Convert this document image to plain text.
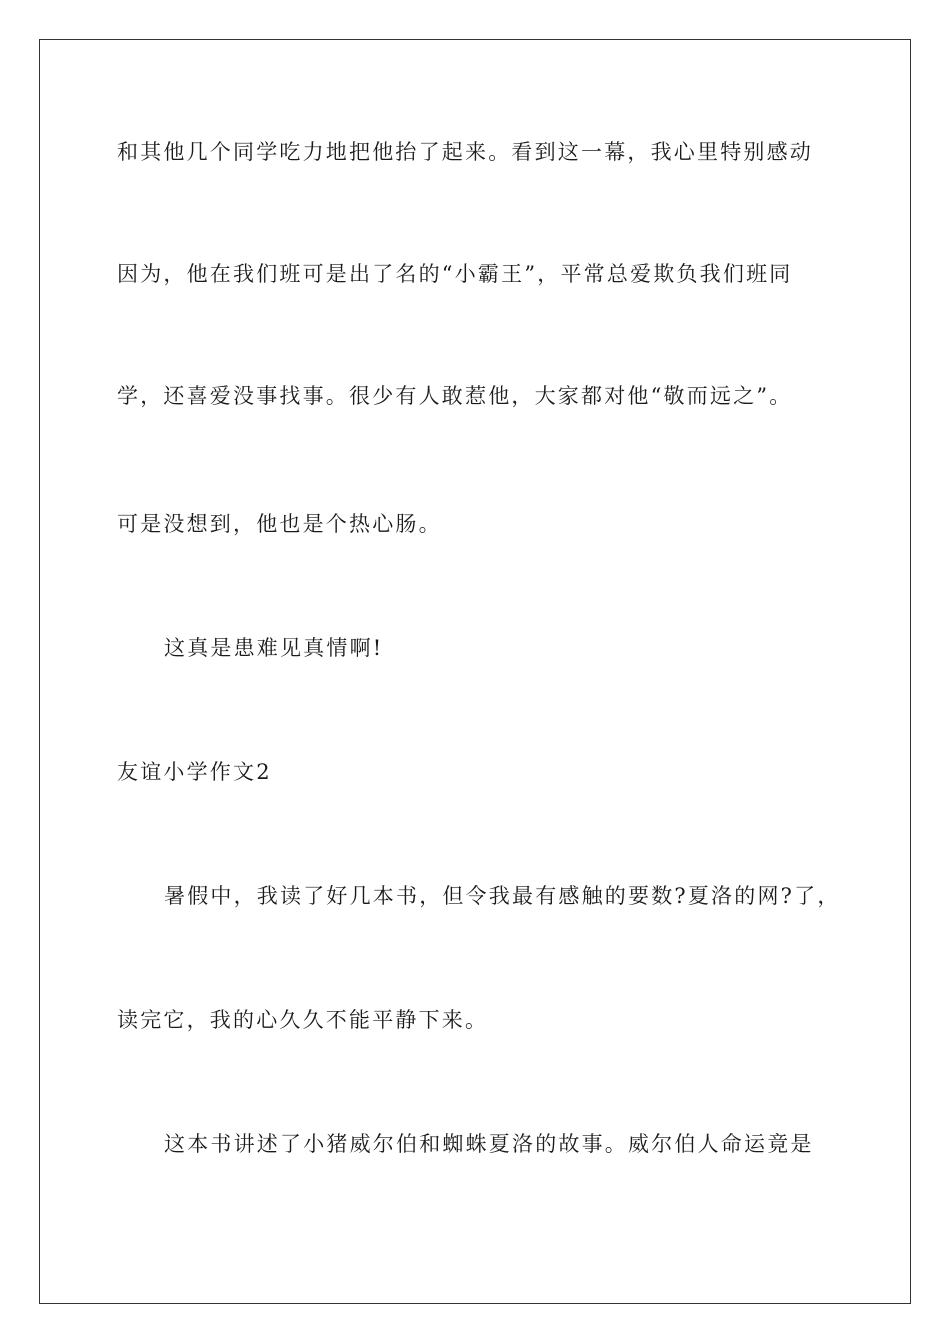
和其他几个同学吃力地把他抬了起来。看到这一幕，我心里特别感动
因为，他在我们班可是出了名的“小霸王”，平常总爱欺负我们班同
学，还喜爱没事找事。很少有人敢惹他，大家都对他“敬而远之”。
可是没想到，他也是个热心肠。
这真是患难见真情啊!
友谊小学作文2
暑假中，我读了好几本书，但令我最有感触的要数?夏洛的网?了，
读完它，我的心久久不能平静下来。
这本书讲述了小猪威尔伯和蜘蛛夏洛的故事。威尔伯人命运竟是
